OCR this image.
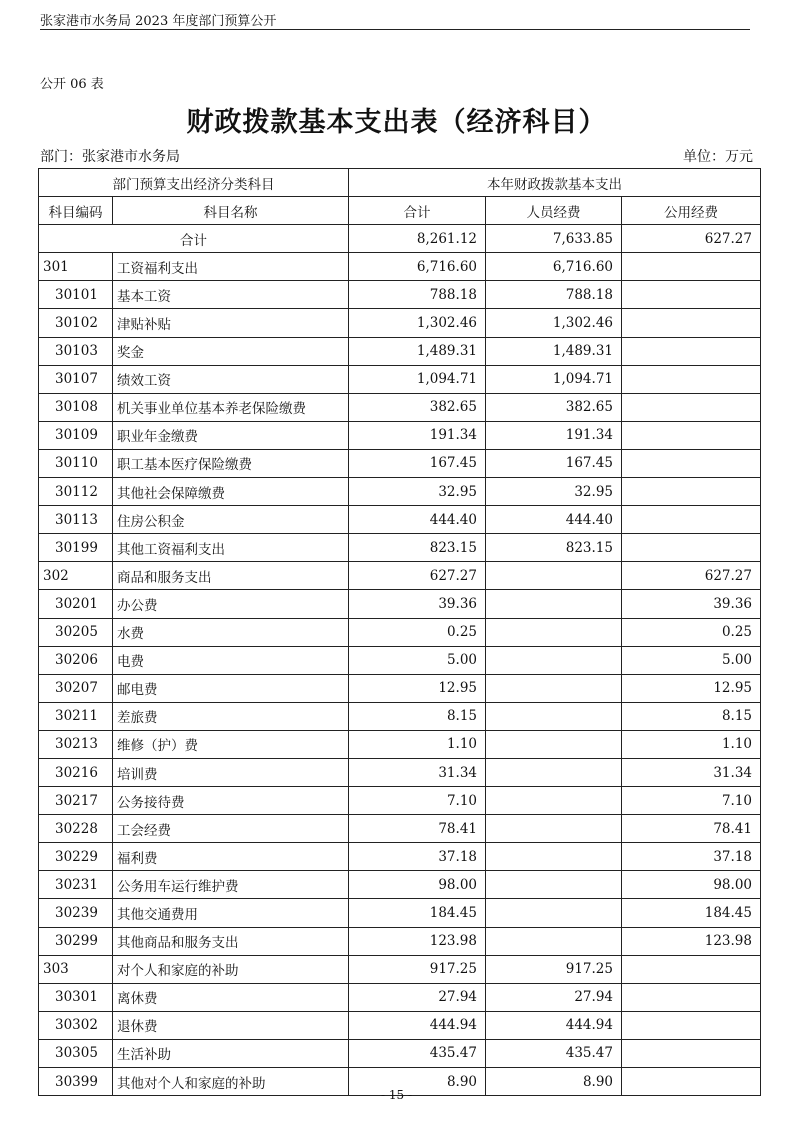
张家港市水务局 2023 年度部门预算公开
公开 06 表
财政拨款基本支出表（经济科目）
部门：张家港市水务局	单位：万元
部门预算支出经济分类科目		本年财政拨款基本支出		
科目编码	科目名称	合计	人员经费	公用经费
合计		8,261.12	7,633.85	627.27
301	工资福利支出	6,716.60	6,716.60	
30101	基本工资	788.18	788.18	
30102	津贴补贴	1,302.46	1,302.46	
30103	奖金	1,489.31	1,489.31	
30107	绩效工资	1,094.71	1,094.71	
30108	机关事业单位基本养老保险缴费	382.65	382.65	
30109	职业年金缴费	191.34	191.34	
30110	职工基本医疗保险缴费	167.45	167.45	
30112	其他社会保障缴费	32.95	32.95	
30113	住房公积金	444.40	444.40	
30199	其他工资福利支出	823.15	823.15	
302	商品和服务支出	627.27		627.27
30201	办公费	39.36		39.36
30205	水费	0.25		0.25
30206	电费	5.00		5.00
30207	邮电费	12.95		12.95
30211	差旅费	8.15		8.15
30213	维修（护）费	1.10		1.10
30216	培训费	31.34		31.34
30217	公务接待费	7.10		7.10
30228	工会经费	78.41		78.41
30229	福利费	37.18		37.18
30231	公务用车运行维护费	98.00		98.00
30239	其他交通费用	184.45		184.45
30299	其他商品和服务支出	123.98		123.98
303	对个人和家庭的补助	917.25	917.25	
30301	离休费	27.94	27.94	
30302	退休费	444.94	444.94	
30305	生活补助	435.47	435.47	
30399	其他对个人和家庭的补助	8.90	8.90	
- 15 -
